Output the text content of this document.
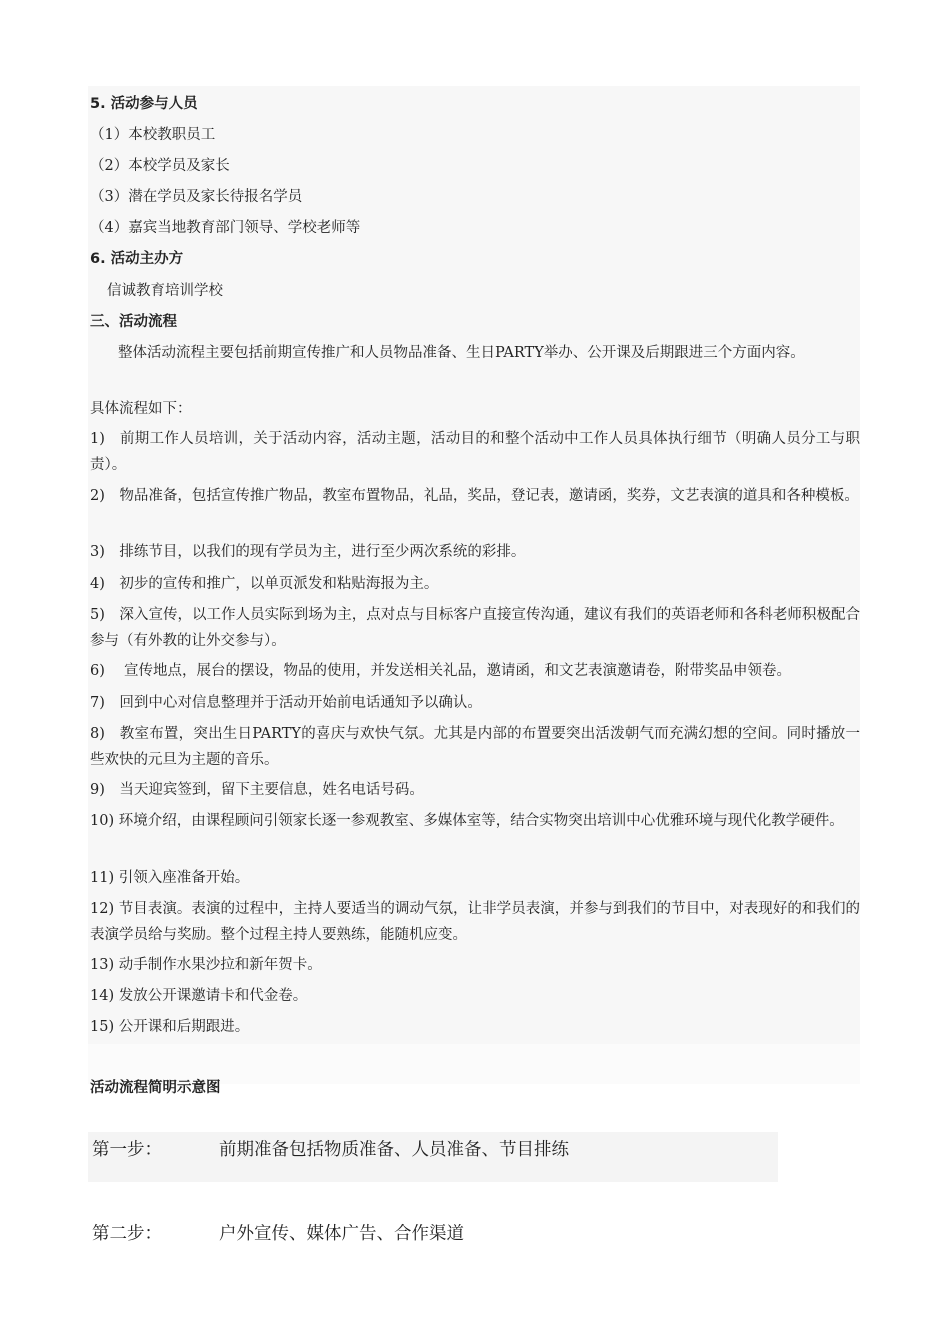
5. 活动参与人员
（1）本校教职员工
（2）本校学员及家长
（3）潜在学员及家长待报名学员
（4）嘉宾当地教育部门领导、学校老师等
6. 活动主办方
信诚教育培训学校
三、活动流程
整体活动流程主要包括前期宣传推广和人员物品准备、生日PARTY举办、公开课及后期跟进三个方面内容。
具体流程如下：
1)　前期工作人员培训，关于活动内容，活动主题，活动目的和整个活动中工作人员具体执行细节（明确人员分工与职责）。
2)　物品准备，包括宣传推广物品，教室布置物品，礼品，奖品，登记表，邀请函，奖券，文艺表演的道具和各种模板。
3)　排练节目，以我们的现有学员为主，进行至少两次系统的彩排。
4)　初步的宣传和推广，以单页派发和粘贴海报为主。
5)　深入宣传，以工作人员实际到场为主，点对点与目标客户直接宣传沟通，建议有我们的英语老师和各科老师积极配合参与（有外教的让外交参与）。
6)　 宣传地点，展台的摆设，物品的使用，并发送相关礼品，邀请函，和文艺表演邀请卷，附带奖品申领卷。
7)　回到中心对信息整理并于活动开始前电话通知予以确认。
8)　教室布置，突出生日PARTY的喜庆与欢快气氛。尤其是内部的布置要突出活泼朝气而充满幻想的空间。同时播放一些欢快的元旦为主题的音乐。
9)　当天迎宾签到，留下主要信息，姓名电话号码。
10) 环境介绍，由课程顾问引领家长逐一参观教室、多媒体室等，结合实物突出培训中心优雅环境与现代化教学硬件。
11) 引领入座准备开始。
12) 节目表演。表演的过程中，主持人要适当的调动气氛，让非学员表演，并参与到我们的节目中，对表现好的和我们的表演学员给与奖励。整个过程主持人要熟练，能随机应变。
13) 动手制作水果沙拉和新年贺卡。
14) 发放公开课邀请卡和代金卷。
15) 公开课和后期跟进。
活动流程简明示意图
第一步：	前期准备包括物质准备、人员准备、节目排练
第二步：	户外宣传、媒体广告、合作渠道
